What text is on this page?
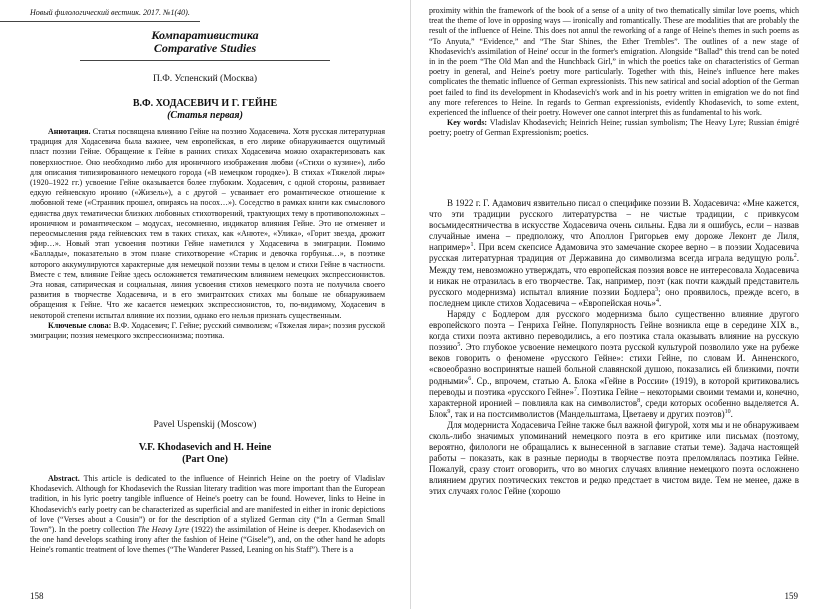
Новый филологический вестник. 2017. №1(40).
Компаративистика
Comparative Studies
П.Ф. Успенский (Москва)
В.Ф. ХОДАСЕВИЧ И Г. ГЕЙНЕ
(Статья первая)

Аннотация. Статья посвящена влиянию Гейне на поэзию Ходасевича. Хотя русская литературная традиция для Ходасевича была важнее, чем европейская, в его лирике обнаруживается ощутимый пласт поэзии Гейне. Обращение к Гейне в ранних стихах Ходасевича можно охарактеризовать как поверхностное. Оно необходимо либо для ироничного изображения любви («Стихи о кузине»), либо для описания типизированного немецкого города («В немецком городке»). В стихах «Тяжелой лиры» (1920–1922 гг.) усвоение Гейне оказывается более глубоким. Ходасевич, с одной стороны, развивает едкую гейневскую иронию («Жизель»), а с другой – усваивает его романтическое отношение к любовной теме («Странник прошел, опираясь на посох…»). Соседство в рамках книги как смыслового единства двух тематически близких любовных стихотворений, трактующих тему в противоположных – ироничном и романтическом – модусах, несомненно, индикатор влияния Гейне. Это не отменяет и переосмысления ряда гейневских тем в таких стихах, как «Анюте», «Улика», «Горит звезда, дрожит эфир…». Новый этап усвоения поэтики Гейне наметился у Ходасевича в эмиграции. Помимо «Баллады», показательно в этом плане стихотворение «Старик и девочка горбунья…», в поэтике которого аккумулируются характерные для немецкой поэзии темы в целом и стихи Гейне в частности. Вместе с тем, влияние Гейне здесь осложняется тематическим влиянием немецких экспрессионистов. Эта новая, сатирическая и социальная, линия усвоения стихов немецкого поэта не получила своего развития в творчестве Ходасевича, и в его эмигрантских стихах мы больше не обнаруживаем обращения к Гейне. Что же касается немецких экспрессионистов, то, по-видимому, Ходасевич в некоторой степени испытал влияние их поэзии, однако его нельзя признать существенным.

Ключевые слова: В.Ф. Ходасевич; Г. Гейне; русский символизм; «Тяжелая лира»; поэзия русской эмиграции; поэзия немецкого экспрессионизма; поэтика.

Pavel Uspenskij (Moscow)
V.F. Khodasevich and H. Heine
(Part One)

Abstract. This article is dedicated to the influence of Heinrich Heine on the poetry of Vladislav Khodasevich. Although for Khodasevich the Russian literary tradition was more important than the European tradition, in his lyric poetry tangible influence of Heine's poetry can be found. However, links to Heine in Khodasevich's early poetry can be characterized as superficial and are manifested in either in ironic depictions of love (“Verses about a Cousin”) or for the description of a stylized German city (“In a German Small Town”). In the poetry collection The Heavy Lyre (1922) the assimilation of Heine is deeper. Khodasevich on the one hand develops scathing irony after the fashion of Heine (“Gisele”), and, on the other hand he adopts Heine's romantic treatment of love themes (“The Wanderer Passed, Leaning on his Staff”). There is a

158

proximity within the framework of the book of a sense of a unity of two thematically similar love poems, which treat the theme of love in opposing ways — ironically and romantically. These are modalities that are probably the result of the influence of Heine. This does not annul the reworking of a range of Heine's themes in such poems as “To Anyuta,” “Evidence,” and “The Star Shines, the Ether Trembles”. The outlines of a new stage of Khodasevich's assimilation of Heine' occur in the former's emigration. Alongside “Ballad” this trend can be noted in in the poem “The Old Man and the Hunchback Girl,” in which the poetics take on characteristics of German poetry in general, and Heine's poetry more particularly. Together with this, Heine's influence here makes complicates the thematic influence of German expressionists. This new satirical and social adoption of the German poet failed to find its development in Khodasevich's work and in his poetry written in emigration we do not find any more references to Heine. In regards to German expressionists, evidently Khodasevich, to some extent, experienced the influence of their poetry. However one cannot interpret this as fundamental to his work.

Key words: Vladislav Khodasevich; Heinrich Heine; russian symbolism; The Heavy Lyre; Russian émigré poetry; poetry of German Expressionism; poetics.

В 1922 г. Г. Адамович язвительно писал о специфике поэзии В. Ходасевича: «Мне кажется, что эти традиции русского литературства – не чистые традиции, с привкусом восьмидесятничества в искусстве Ходасевича очень сильны. Едва ли я ошибусь, если – назвав случайные имена – предположу, что Аполлон Григорьев ему дороже Леконт де Лиля, например»$^1$. При всем скепсисе Адамовича это замечание скорее верно – в поэзии Ходасевича русская литературная традиция от Державина до символизма всегда играла ведущую роль$^2$. Между тем, невозможно утверждать, что европейская поэзия вовсе не интересовала Ходасевича и никак не отразилась в его творчестве. Так, например, поэт (как почти каждый представитель русского модернизма) испытал влияние поэзии Бодлера$^3$; оно проявилось, прежде всего, в последнем цикле стихов Ходасевича – «Европейская ночь»$^4$.

Наряду с Бодлером для русского модернизма было существенно влияние другого европейского поэта – Генриха Гейне. Популярность Гейне возникла еще в середине XIX в., когда стихи поэта активно переводились, а его поэтика стала оказывать влияние на русскую поэзию$^5$. Это глубокое усвоение немецкого поэта русской культурой позволило уже на рубеже веков говорить о феномене «русского Гейне»: стихи Гейне, по словам И. Анненского, «своеобразно воспринятые нашей больной славянской душою, показались ей близкими, почти родными»$^6$. Ср., впрочем, статью А. Блока «Гейне в России» (1919), в которой критиковались переводы и поэтика «русского Гейне»$^7$. Поэтика Гейне – некоторыми своими темами и, конечно, характерной иронией – повлияла как на символистов$^8$, среди которых особенно выделяется А. Блок$^9$, так и на постсимволистов (Мандельштама, Цветаеву и других поэтов)$^{10}$.

Для модерниста Ходасевича Гейне также был важной фигурой, хотя мы и не обнаруживаем сколь-либо значимых упоминаний немецкого поэта в его критике или письмах (поэтому, вероятно, филологи не обращались к вынесенной в заглавие статьи теме). Задача настоящей работы – показать, как в разные периоды в творчестве поэта преломлялась поэтика Гейне. Пожалуй, сразу стоит оговорить, что во многих случаях влияние немецкого поэта осложнено влиянием других поэтических текстов и редко предстает в чистом виде. Тем не менее, даже в этих случаях голос Гейне (хорошо

159
